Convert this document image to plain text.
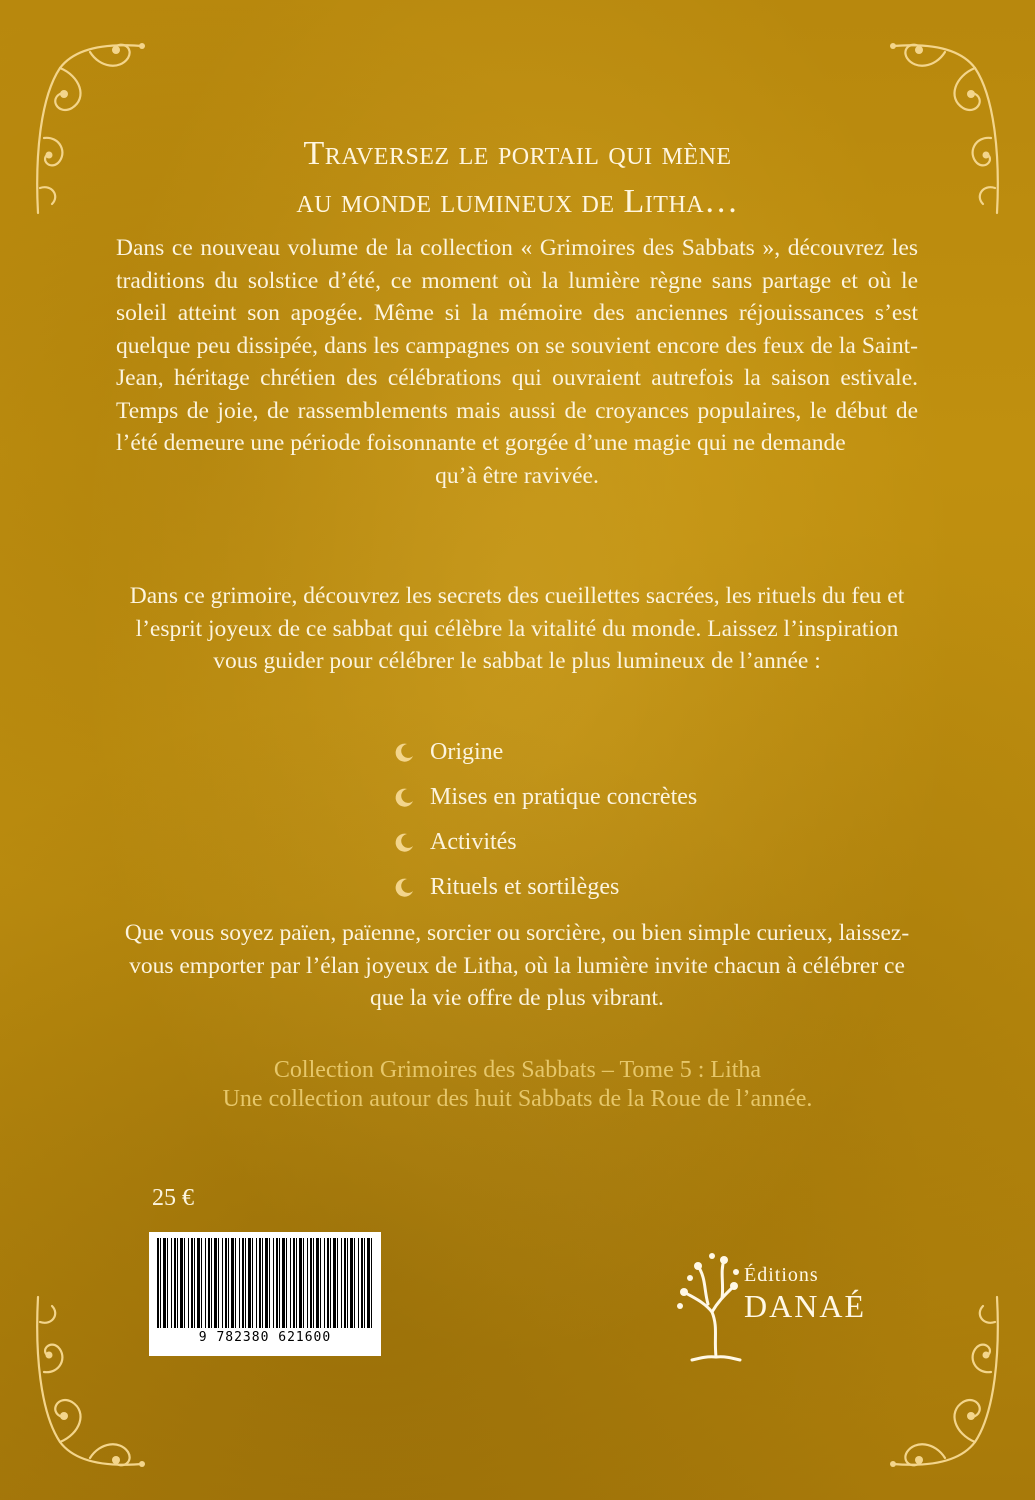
Traversez le portail qui mène
au monde lumineux de Litha…
Dans ce nouveau volume de la collection « Grimoires des Sabbats », découvrez les traditions du solstice d’été, ce moment où la lumière règne sans partage et où le soleil atteint son apogée. Même si la mémoire des anciennes réjouissances s’est quelque peu dissipée, dans les campagnes on se souvient encore des feux de la Saint-Jean, héritage chrétien des célébrations qui ouvraient autrefois la saison estivale. Temps de joie, de rassemblements mais aussi de croyances populaires, le début de l’été demeure une période foisonnante et gorgée d’une magie qui ne demande
qu’à être ravivée.
Dans ce grimoire, découvrez les secrets des cueillettes sacrées, les rituels du feu et l’esprit joyeux de ce sabbat qui célèbre la vitalité du monde. Laissez l’inspiration vous guider pour célébrer le sabbat le plus lumineux de l’année :
Origine
Mises en pratique concrètes
Activités
Rituels et sortilèges
Que vous soyez païen, païenne, sorcier ou sorcière, ou bien simple curieux, laissez-vous emporter par l’élan joyeux de Litha, où la lumière invite chacun à célébrer ce que la vie offre de plus vibrant.
Collection Grimoires des Sabbats – Tome 5 : Litha
Une collection autour des huit Sabbats de la Roue de l’année.
25 €
9 782380 621600
Éditions
DANAÉ
